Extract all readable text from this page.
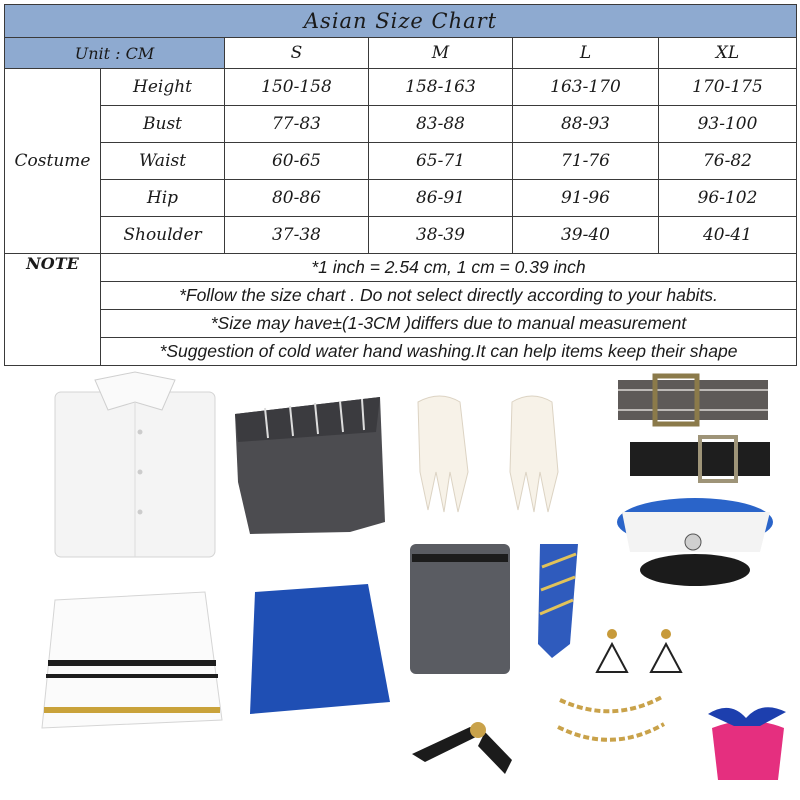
Asian Size Chart					
Unit : CM		S	M	L	XL
Costume	Height	150-158	158-163	163-170	170-175
	Bust	77-83	83-88	88-93	93-100
	Waist	60-65	65-71	71-76	76-82
	Hip	80-86	86-91	91-96	96-102
	Shoulder	37-38	38-39	39-40	40-41
NOTE	*1 inch = 2.54 cm, 1 cm = 0.39 inch				
	*Follow the size chart . Do not select directly according to your habits.				
	*Size may have±(1-3CM )differs due to manual measurement				
	*Suggestion of cold water hand washing.It can help items keep their shape				
